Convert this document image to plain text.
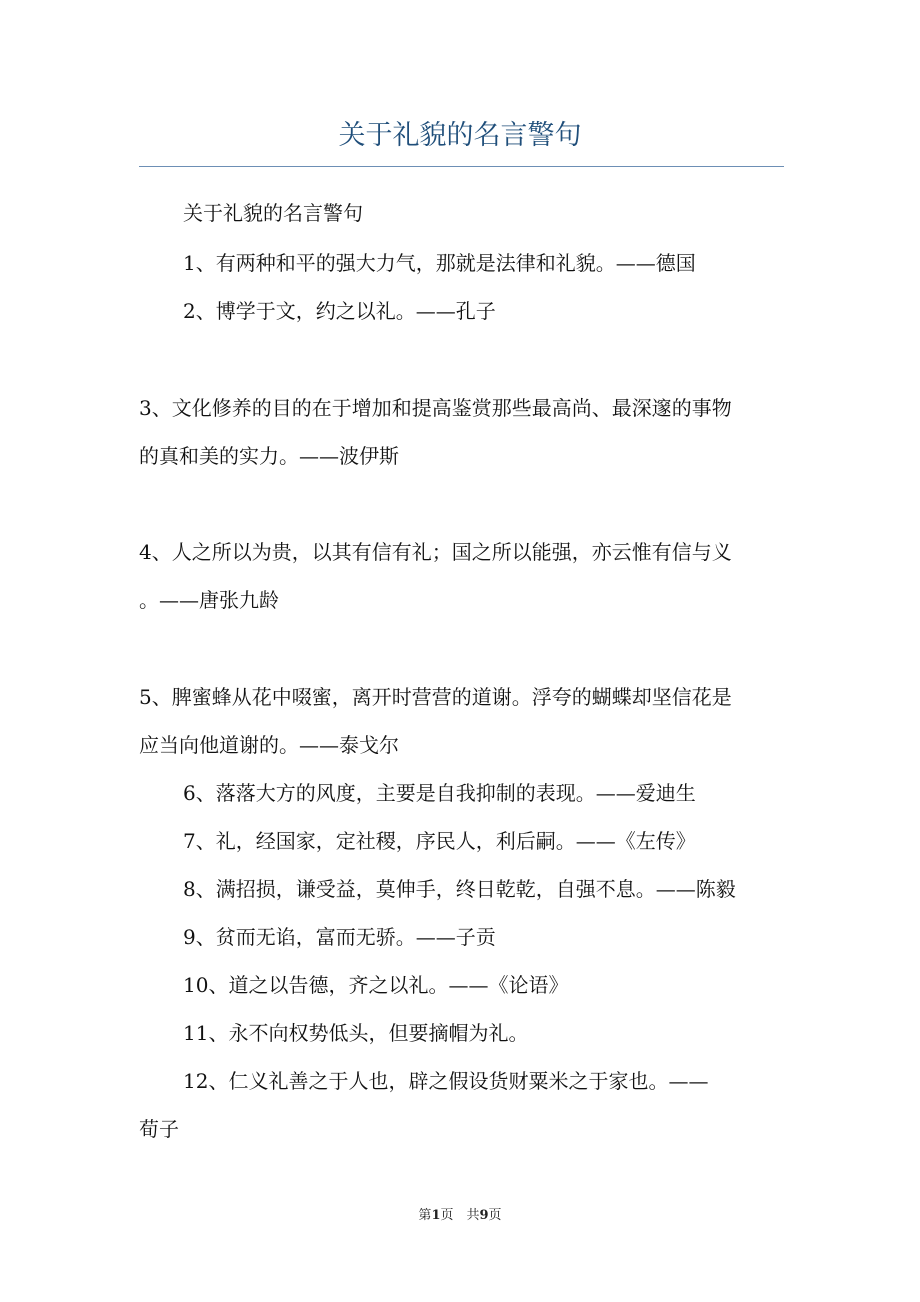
关于礼貌的名言警句

关于礼貌的名言警句

1、有两种和平的强大力气，那就是法律和礼貌。——德国

2、博学于文，约之以礼。——孔子

3、文化修养的目的在于增加和提高鉴赏那些最高尚、最深邃的事物

的真和美的实力。——波伊斯

4、人之所以为贵，以其有信有礼；国之所以能强，亦云惟有信与义

。——唐张九龄

5、脾蜜蜂从花中啜蜜，离开时营营的道谢。浮夸的蝴蝶却坚信花是

应当向他道谢的。——泰戈尔

6、落落大方的风度，主要是自我抑制的表现。——爱迪生

7、礼，经国家，定社稷，序民人，利后嗣。——《左传》

8、满招损，谦受益，莫伸手，终日乾乾，自强不息。——陈毅

9、贫而无谄，富而无骄。——子贡

10、道之以告德，齐之以礼。——《论语》

11、永不向权势低头，但要摘帽为礼。

12、仁义礼善之于人也，辟之假设货财粟米之于家也。——

荀子

第1页　共9页
